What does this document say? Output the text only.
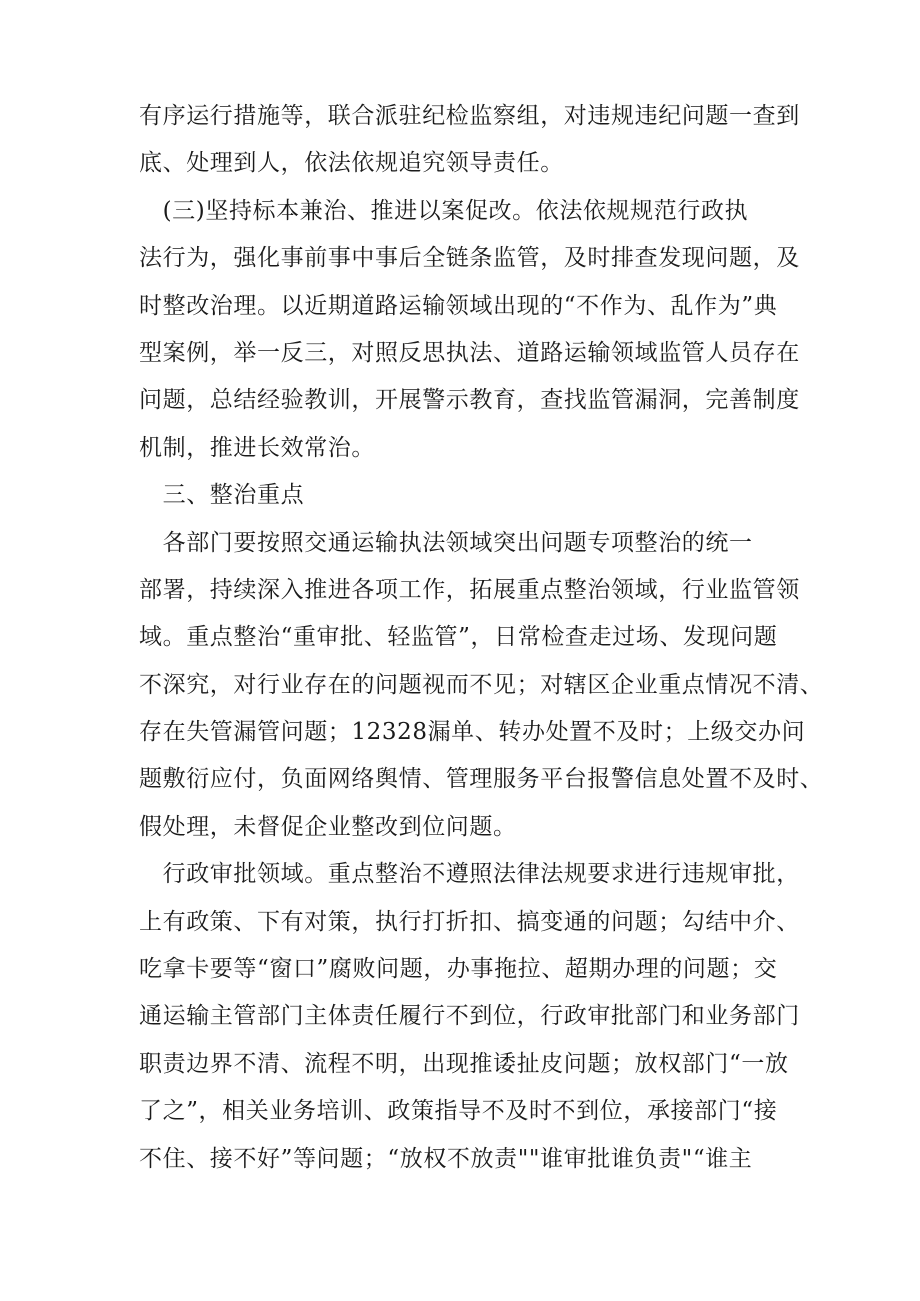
有序运行措施等，联合派驻纪检监察组，对违规违纪问题一查到
底、处理到人，依法依规追究领导责任。
　(三)坚持标本兼治、推进以案促改。依法依规规范行政执
法行为，强化事前事中事后全链条监管，及时排查发现问题，及
时整改治理。以近期道路运输领域出现的“不作为、乱作为”典
型案例，举一反三，对照反思执法、道路运输领域监管人员存在
问题，总结经验教训，开展警示教育，查找监管漏洞，完善制度
机制，推进长效常治。
　三、整治重点
　各部门要按照交通运输执法领域突出问题专项整治的统一
部署，持续深入推进各项工作，拓展重点整治领域，行业监管领
域。重点整治“重审批、轻监管”，日常检查走过场、发现问题
不深究，对行业存在的问题视而不见；对辖区企业重点情况不清、
存在失管漏管问题；12328漏单、转办处置不及时；上级交办问
题敷衍应付，负面网络舆情、管理服务平台报警信息处置不及时、
假处理，未督促企业整改到位问题。
　行政审批领域。重点整治不遵照法律法规要求进行违规审批，
上有政策、下有对策，执行打折扣、搞变通的问题；勾结中介、
吃拿卡要等“窗口”腐败问题，办事拖拉、超期办理的问题；交
通运输主管部门主体责任履行不到位，行政审批部门和业务部门
职责边界不清、流程不明，出现推诿扯皮问题；放权部门“一放
了之”，相关业务培训、政策指导不及时不到位，承接部门“接
不住、接不好”等问题；“放权不放责""谁审批谁负责"“谁主
